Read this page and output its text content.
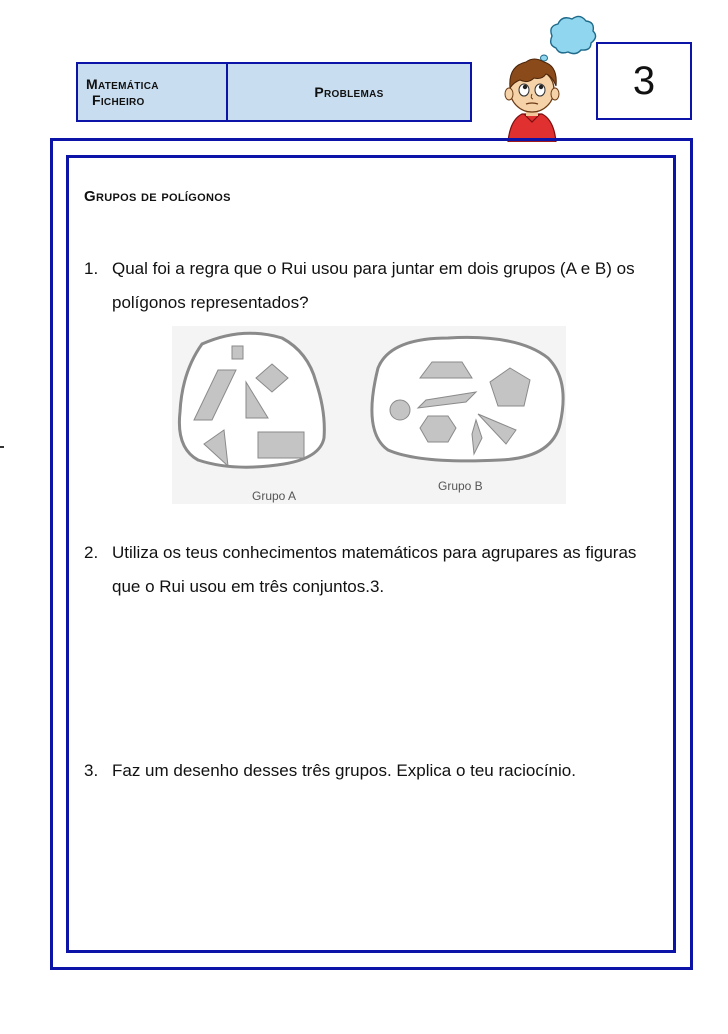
Matemática
Ficheiro	Problemas	3
Grupos de polígonos
1. Qual foi a regra que o Rui usou para juntar em dois grupos (A e B) os polígonos representados?
Grupo A
Grupo B
2. Utiliza os teus conhecimentos matemáticos para agrupares as figuras que o Rui usou em três conjuntos.3.
3. Faz um desenho desses três grupos. Explica o teu raciocínio.
